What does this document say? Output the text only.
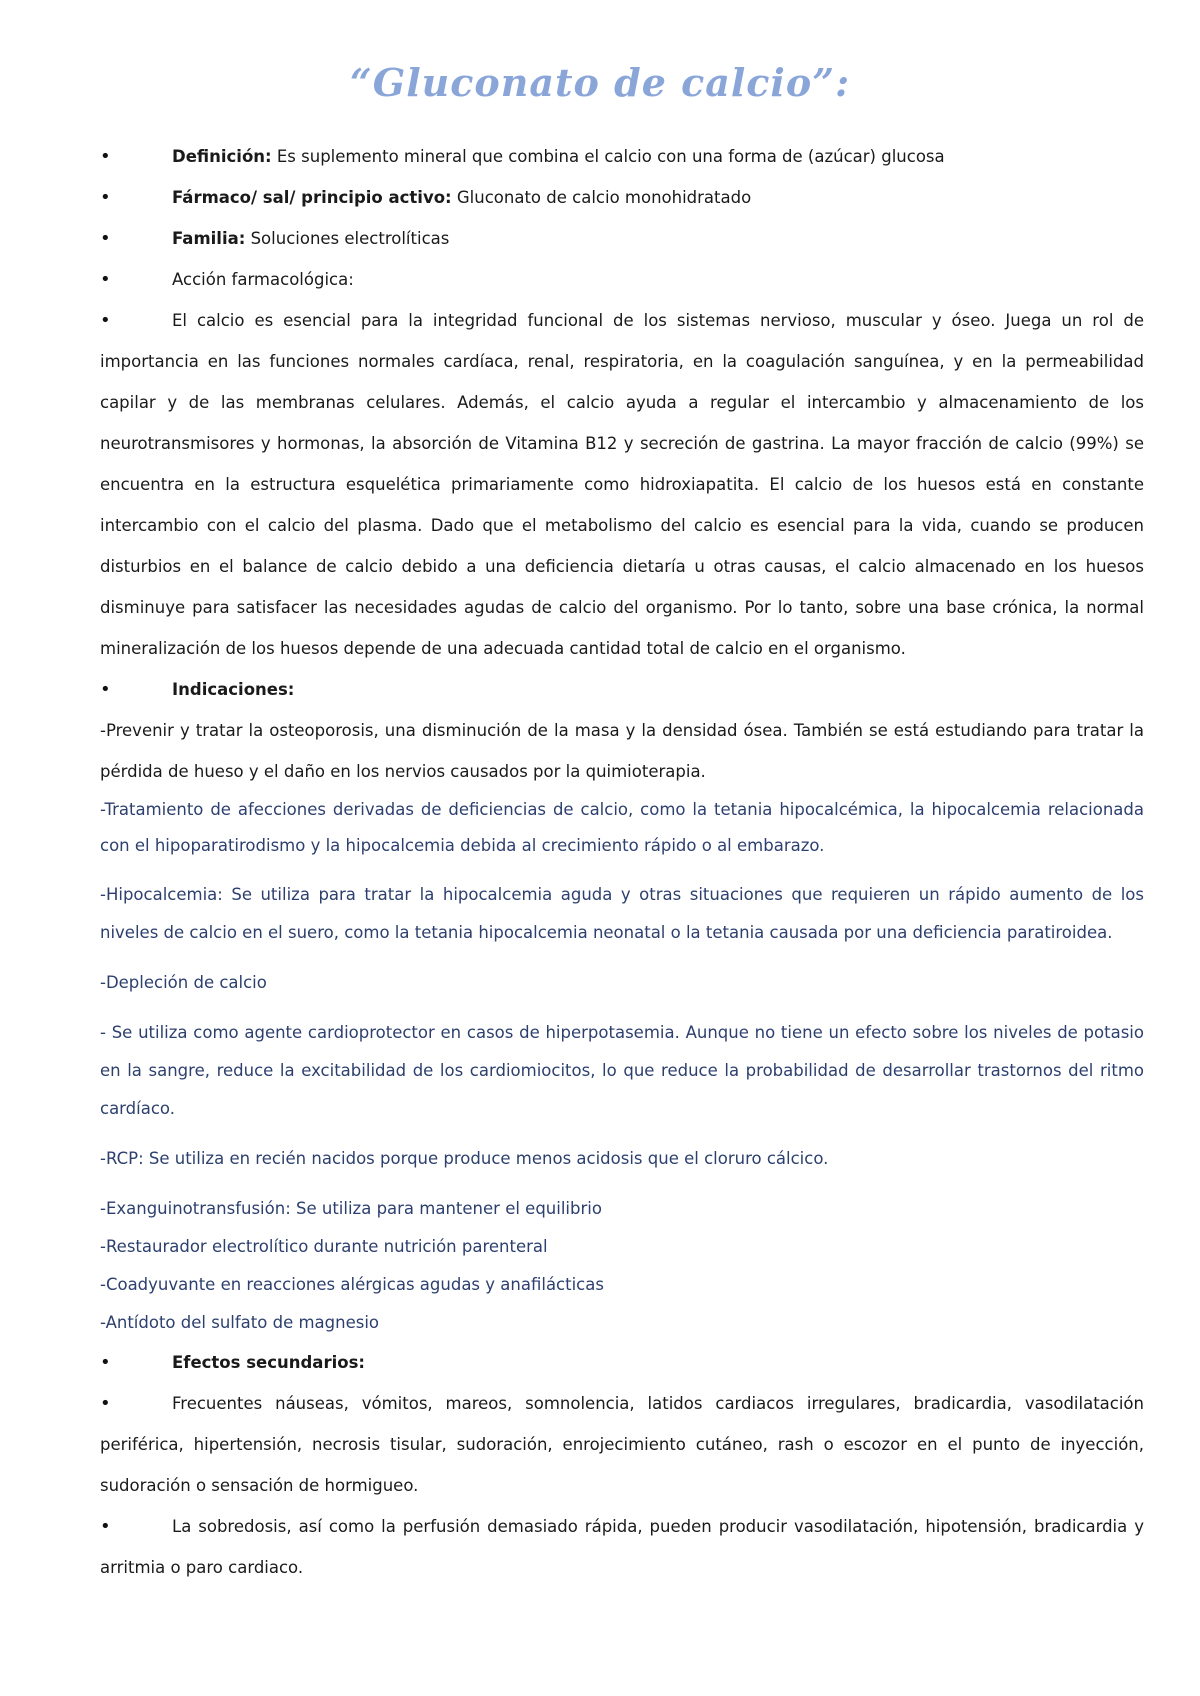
“Gluconato de calcio”:
• Definición: Es suplemento mineral que combina el calcio con una forma de (azúcar) glucosa
• Fármaco/ sal/ principio activo: Gluconato de calcio monohidratado
• Familia: Soluciones electrolíticas
• Acción farmacológica:
• El calcio es esencial para la integridad funcional de los sistemas nervioso, muscular y óseo. Juega un rol de importancia en las funciones normales cardíaca, renal, respiratoria, en la coagulación sanguínea, y en la permeabilidad capilar y de las membranas celulares. Además, el calcio ayuda a regular el intercambio y almacenamiento de los neurotransmisores y hormonas, la absorción de Vitamina B12 y secreción de gastrina. La mayor fracción de calcio (99%) se encuentra en la estructura esquelética primariamente como hidroxiapatita. El calcio de los huesos está en constante intercambio con el calcio del plasma. Dado que el metabolismo del calcio es esencial para la vida, cuando se producen disturbios en el balance de calcio debido a una deficiencia dietaría u otras causas, el calcio almacenado en los huesos disminuye para satisfacer las necesidades agudas de calcio del organismo. Por lo tanto, sobre una base crónica, la normal mineralización de los huesos depende de una adecuada cantidad total de calcio en el organismo.
• Indicaciones:
-Prevenir y tratar la osteoporosis, una disminución de la masa y la densidad ósea. También se está estudiando para tratar la pérdida de hueso y el daño en los nervios causados por la quimioterapia.
-Tratamiento de afecciones derivadas de deficiencias de calcio, como la tetania hipocalcémica, la hipocalcemia relacionada con el hipoparatirodismo y la hipocalcemia debida al crecimiento rápido o al embarazo.
-Hipocalcemia: Se utiliza para tratar la hipocalcemia aguda y otras situaciones que requieren un rápido aumento de los niveles de calcio en el suero, como la tetania hipocalcemia neonatal o la tetania causada por una deficiencia paratiroidea.
-Depleción de calcio
- Se utiliza como agente cardioprotector en casos de hiperpotasemia. Aunque no tiene un efecto sobre los niveles de potasio en la sangre, reduce la excitabilidad de los cardiomiocitos, lo que reduce la probabilidad de desarrollar trastornos del ritmo cardíaco.
-RCP: Se utiliza en recién nacidos porque produce menos acidosis que el cloruro cálcico.
-Exanguinotransfusión: Se utiliza para mantener el equilibrio
-Restaurador electrolítico durante nutrición parenteral
-Coadyuvante en reacciones alérgicas agudas y anafilácticas
-Antídoto del sulfato de magnesio
• Efectos secundarios:
• Frecuentes náuseas, vómitos, mareos, somnolencia, latidos cardiacos irregulares, bradicardia, vasodilatación periférica, hipertensión, necrosis tisular, sudoración, enrojecimiento cutáneo, rash o escozor en el punto de inyección, sudoración o sensación de hormigueo.
• La sobredosis, así como la perfusión demasiado rápida, pueden producir vasodilatación, hipotensión, bradicardia y arritmia o paro cardiaco.
